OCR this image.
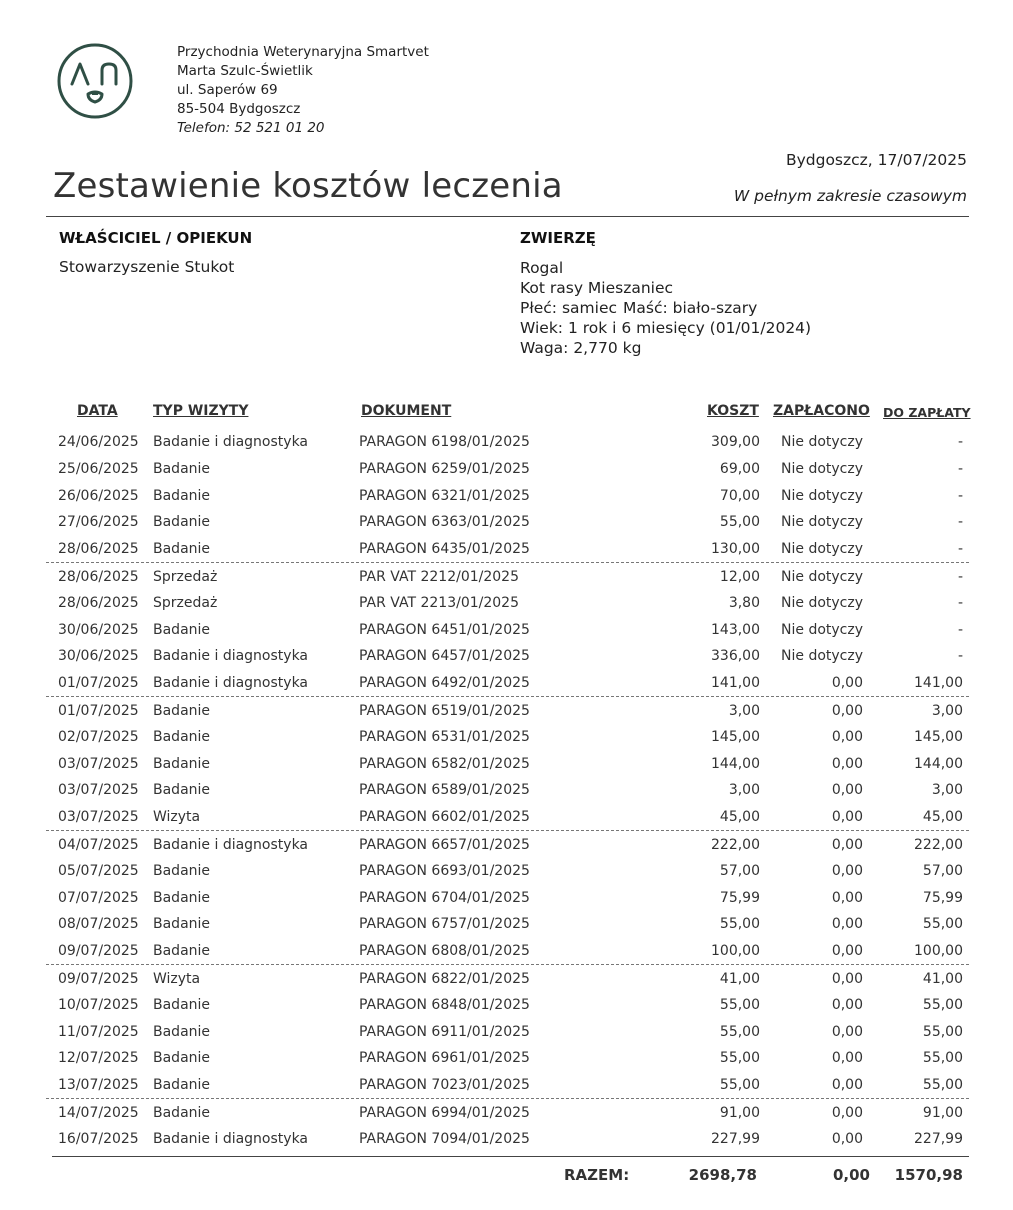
Przychodnia Weterynaryjna Smartvet
Marta Szulc-Świetlik
ul. Saperów 69
85-504 Bydgoszcz
Telefon: 52 521 01 20
Bydgoszcz, 17/07/2025
Zestawienie kosztów leczenia	W pełnym zakresie czasowym
WŁAŚCICIEL / OPIEKUN
Stowarzyszenie Stukot
ZWIERZĘ
Rogal
Kot rasy Mieszaniec
Płeć: samiec Maść: biało-szary
Wiek: 1 rok i 6 miesięcy (01/01/2024)
Waga: 2,770 kg
DATA	TYP WIZYTY	DOKUMENT	KOSZT ZAPŁACONO DO ZAPŁATY
24/06/2025 Badanie i diagnostyka	PARAGON 6198/01/2025	309,00 Nie dotyczy	-
25/06/2025 Badanie	PARAGON 6259/01/2025	69,00 Nie dotyczy	-
26/06/2025 Badanie	PARAGON 6321/01/2025	70,00 Nie dotyczy	-
27/06/2025 Badanie	PARAGON 6363/01/2025	55,00 Nie dotyczy	-
28/06/2025 Badanie	PARAGON 6435/01/2025	130,00 Nie dotyczy	-
28/06/2025 Sprzedaż	PAR VAT 2212/01/2025	12,00 Nie dotyczy	-
28/06/2025 Sprzedaż	PAR VAT 2213/01/2025	3,80 Nie dotyczy	-
30/06/2025 Badanie	PARAGON 6451/01/2025	143,00 Nie dotyczy	-
30/06/2025 Badanie i diagnostyka	PARAGON 6457/01/2025	336,00 Nie dotyczy	-
01/07/2025 Badanie i diagnostyka	PARAGON 6492/01/2025	141,00	0,00	141,00
01/07/2025 Badanie	PARAGON 6519/01/2025	3,00	0,00	3,00
02/07/2025 Badanie	PARAGON 6531/01/2025	145,00	0,00	145,00
03/07/2025 Badanie	PARAGON 6582/01/2025	144,00	0,00	144,00
03/07/2025 Badanie	PARAGON 6589/01/2025	3,00	0,00	3,00
03/07/2025 Wizyta	PARAGON 6602/01/2025	45,00	0,00	45,00
04/07/2025 Badanie i diagnostyka	PARAGON 6657/01/2025	222,00	0,00	222,00
05/07/2025 Badanie	PARAGON 6693/01/2025	57,00	0,00	57,00
07/07/2025 Badanie	PARAGON 6704/01/2025	75,99	0,00	75,99
08/07/2025 Badanie	PARAGON 6757/01/2025	55,00	0,00	55,00
09/07/2025 Badanie	PARAGON 6808/01/2025	100,00	0,00	100,00
09/07/2025 Wizyta	PARAGON 6822/01/2025	41,00	0,00	41,00
10/07/2025 Badanie	PARAGON 6848/01/2025	55,00	0,00	55,00
11/07/2025 Badanie	PARAGON 6911/01/2025	55,00	0,00	55,00
12/07/2025 Badanie	PARAGON 6961/01/2025	55,00	0,00	55,00
13/07/2025 Badanie	PARAGON 7023/01/2025	55,00	0,00	55,00
14/07/2025 Badanie	PARAGON 6994/01/2025	91,00	0,00	91,00
16/07/2025 Badanie i diagnostyka	PARAGON 7094/01/2025	227,99	0,00	227,99
RAZEM:	2698,78	0,00 1570,98
